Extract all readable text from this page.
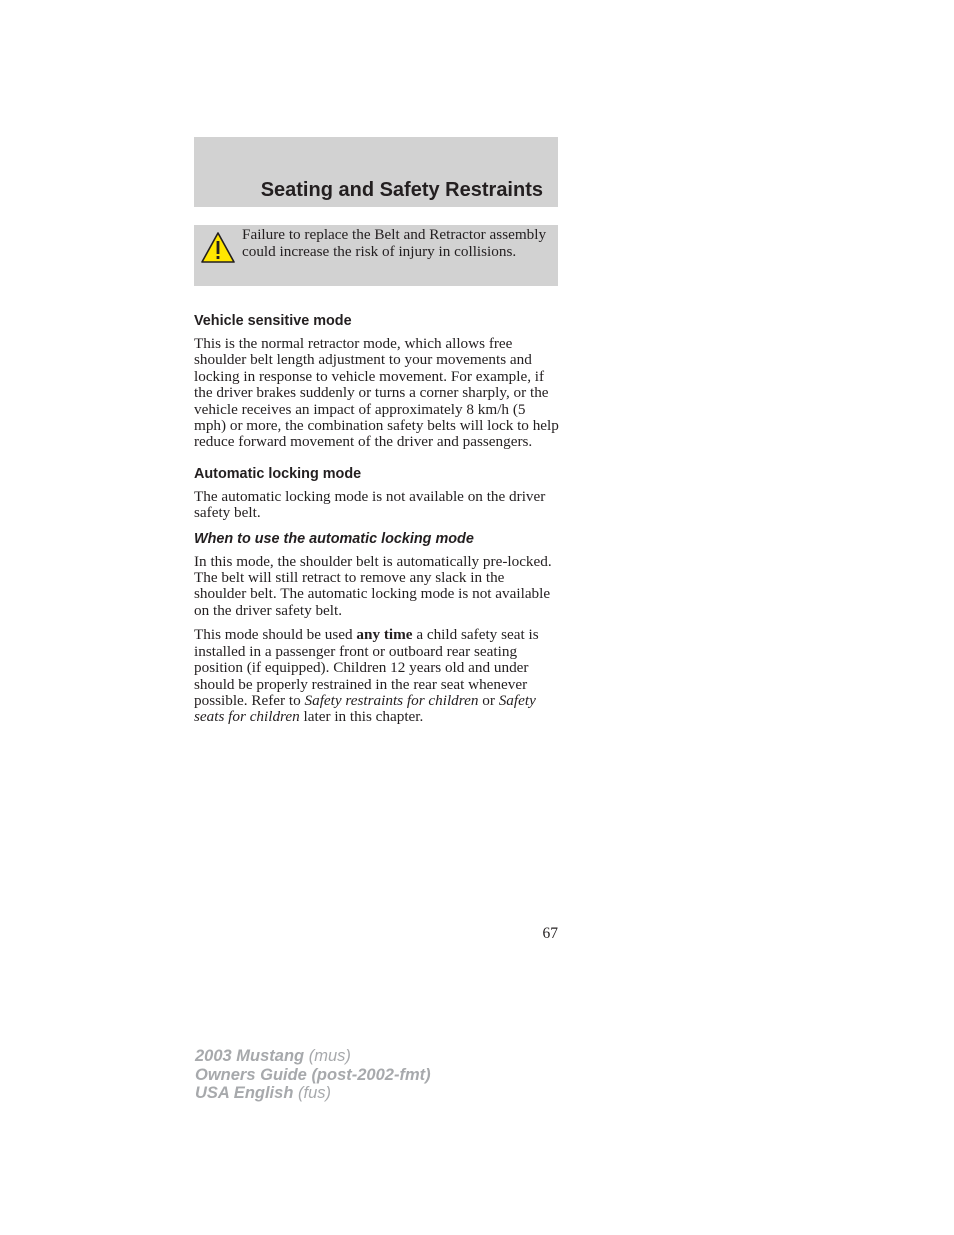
Seating and Safety Restraints
Failure to replace the Belt and Retractor assembly could increase the risk of injury in collisions.
Vehicle sensitive mode

This is the normal retractor mode, which allows free shoulder belt length adjustment to your movements and locking in response to vehicle movement. For example, if the driver brakes suddenly or turns a corner sharply, or the vehicle receives an impact of approximately 8 km/h (5 mph) or more, the combination safety belts will lock to help reduce forward movement of the driver and passengers.

Automatic locking mode

The automatic locking mode is not available on the driver safety belt.

When to use the automatic locking mode

In this mode, the shoulder belt is automatically pre-locked. The belt will still retract to remove any slack in the shoulder belt. The automatic locking mode is not available on the driver safety belt.

This mode should be used any time a child safety seat is installed in a passenger front or outboard rear seating position (if equipped). Children 12 years old and under should be properly restrained in the rear seat whenever possible. Refer to Safety restraints for children or Safety seats for children later in this chapter.

67
2003 Mustang (mus)
Owners Guide (post-2002-fmt)
USA English (fus)
